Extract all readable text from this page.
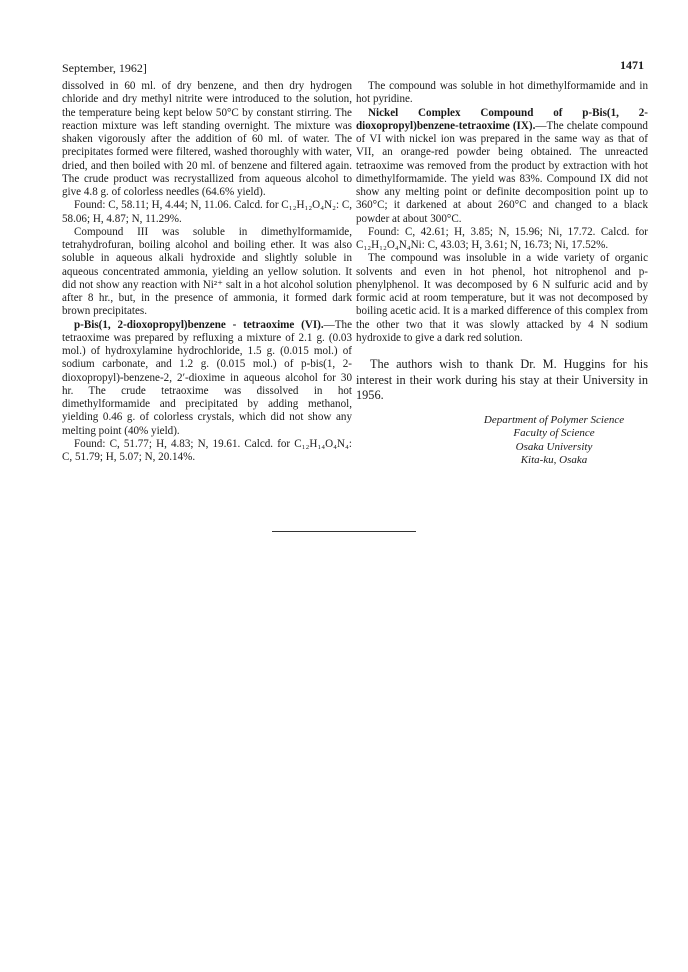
September, 1962]	1471

dissolved in 60 ml. of dry benzene, and then dry hydrogen chloride and dry methyl nitrite were introduced to the solution, the temperature being kept below 50°C by constant stirring. The reaction mixture was left standing overnight. The mixture was shaken vigorously after the addition of 60 ml. of water. The precipitates formed were filtered, washed thoroughly with water, dried, and then boiled with 20 ml. of benzene and filtered again. The crude product was recrystallized from aqueous alcohol to give 4.8 g. of colorless needles (64.6% yield).

Found: C, 58.11; H, 4.44; N, 11.06. Calcd. for C₁₂H₁₂O₄N₂: C, 58.06; H, 4.87; N, 11.29%.

Compound III was soluble in dimethylformamide, tetrahydrofuran, boiling alcohol and boiling ether. It was also soluble in aqueous alkali hydroxide and slightly soluble in aqueous concentrated ammonia, yielding an yellow solution. It did not show any reaction with Ni²⁺ salt in a hot alcohol solution after 8 hr., but, in the presence of ammonia, it formed dark brown precipitates.

p-Bis(1, 2-dioxopropyl)benzene - tetraoxime (VI).—The tetraoxime was prepared by refluxing a mixture of 2.1 g. (0.03 mol.) of hydroxylamine hydrochloride, 1.5 g. (0.015 mol.) of sodium carbonate, and 1.2 g. (0.015 mol.) of p-bis(1, 2-dioxopropyl)-benzene-2, 2′-dioxime in aqueous alcohol for 30 hr. The crude tetraoxime was dissolved in hot dimethylformamide and precipitated by adding methanol, yielding 0.46 g. of colorless crystals, which did not show any melting point (40% yield).

Found: C, 51.77; H, 4.83; N, 19.61. Calcd. for C₁₂H₁₄O₄N₄: C, 51.79; H, 5.07; N, 20.14%.

The compound was soluble in hot dimethylformamide and in hot pyridine.

Nickel Complex Compound of p-Bis(1, 2-dioxopropyl)benzene-tetraoxime (IX).—The chelate compound of VI with nickel ion was prepared in the same way as that of VII, an orange-red powder being obtained. The unreacted tetraoxime was removed from the product by extraction with hot dimethylformamide. The yield was 83%. Compound IX did not show any melting point or definite decomposition point up to 360°C; it darkened at about 260°C and changed to a black powder at about 300°C.

Found: C, 42.61; H, 3.85; N, 15.96; Ni, 17.72. Calcd. for C₁₂H₁₂O₄N₄Ni: C, 43.03; H, 3.61; N, 16.73; Ni, 17.52%.

The compound was insoluble in a wide variety of organic solvents and even in hot phenol, hot nitrophenol and p-phenylphenol. It was decomposed by 6 N sulfuric acid and by formic acid at room temperature, but it was not decomposed by boiling acetic acid. It is a marked difference of this complex from the other two that it was slowly attacked by 4 N sodium hydroxide to give a dark red solution.

The authors wish to thank Dr. M. Huggins for his interest in their work during his stay at their University in 1956.

Department of Polymer Science
Faculty of Science
Osaka University
Kita-ku, Osaka
